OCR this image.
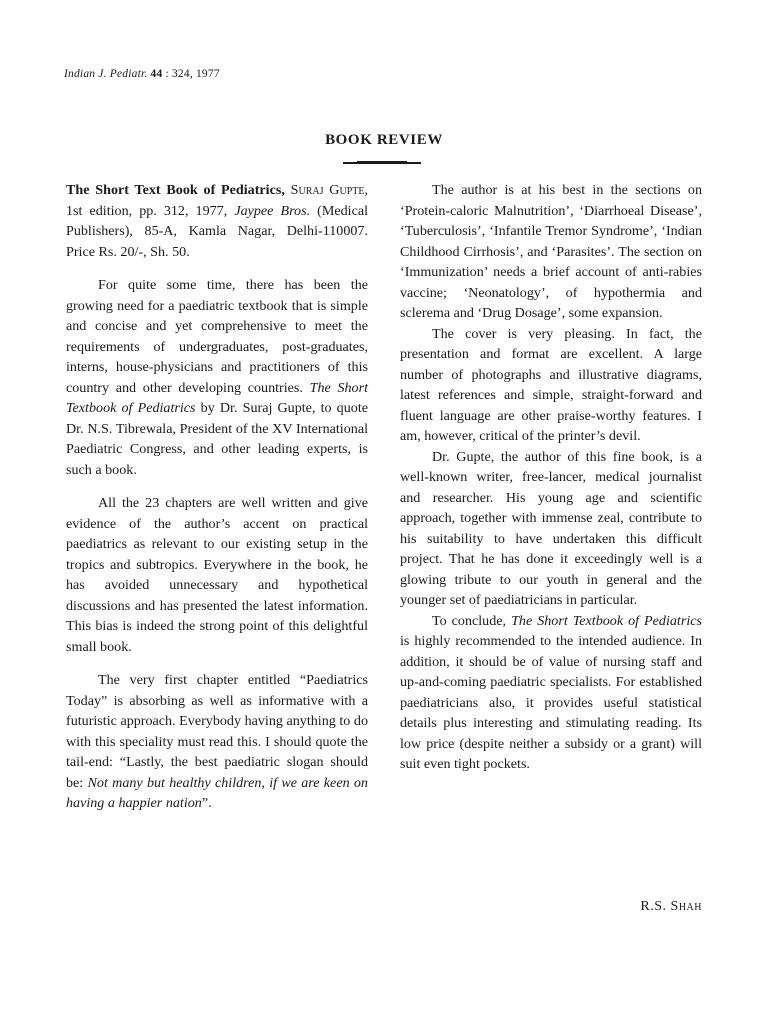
Indian J. Pediatr. 44 : 324, 1977
BOOK REVIEW

The Short Text Book of Pediatrics, Suraj Gupte, 1st edition, pp. 312, 1977, Jaypee Bros. (Medical Publishers), 85-A, Kamla Nagar, Delhi-110007. Price Rs. 20/-, Sh. 50.

For quite some time, there has been the growing need for a paediatric textbook that is simple and concise and yet comprehensive to meet the requirements of undergraduates, post-graduates, interns, house-physicians and practitioners of this country and other developing countries. The Short Textbook of Pediatrics by Dr. Suraj Gupte, to quote Dr. N.S. Tibrewala, President of the XV International Paediatric Congress, and other leading experts, is such a book.

All the 23 chapters are well written and give evidence of the author’s accent on practical paediatrics as relevant to our existing setup in the tropics and subtropics. Everywhere in the book, he has avoided unnecessary and hypothetical discussions and has presented the latest information. This bias is indeed the strong point of this delightful small book.

The very first chapter entitled “Paediatrics Today” is absorbing as well as informative with a futuristic approach. Everybody having anything to do with this speciality must read this. I should quote the tail-end: “Lastly, the best paediatric slogan should be: Not many but healthy children, if we are keen on having a happier nation”.

The author is at his best in the sections on ‘Protein-caloric Malnutrition’, ‘Diarrhoeal Disease’, ‘Tuberculosis’, ‘Infantile Tremor Syndrome’, ‘Indian Childhood Cirrhosis’, and ‘Parasites’. The section on ‘Immunization’ needs a brief account of anti-rabies vaccine; ‘Neonatology’, of hypothermia and sclerema and ‘Drug Dosage’, some expansion.

The cover is very pleasing. In fact, the presentation and format are excellent. A large number of photographs and illustrative diagrams, latest references and simple, straight-forward and fluent language are other praise-worthy features. I am, however, critical of the printer’s devil.

Dr. Gupte, the author of this fine book, is a well-known writer, free-lancer, medical journalist and researcher. His young age and scientific approach, together with immense zeal, contribute to his suitability to have undertaken this difficult project. That he has done it exceedingly well is a glowing tribute to our youth in general and the younger set of paediatricians in particular.

To conclude, The Short Textbook of Pediatrics is highly recommended to the intended audience. In addition, it should be of value of nursing staff and up-and-coming paediatric specialists. For established paediatricians also, it provides useful statistical details plus interesting and stimulating reading. Its low price (despite neither a subsidy or a grant) will suit even tight pockets.

R.S. Shah
